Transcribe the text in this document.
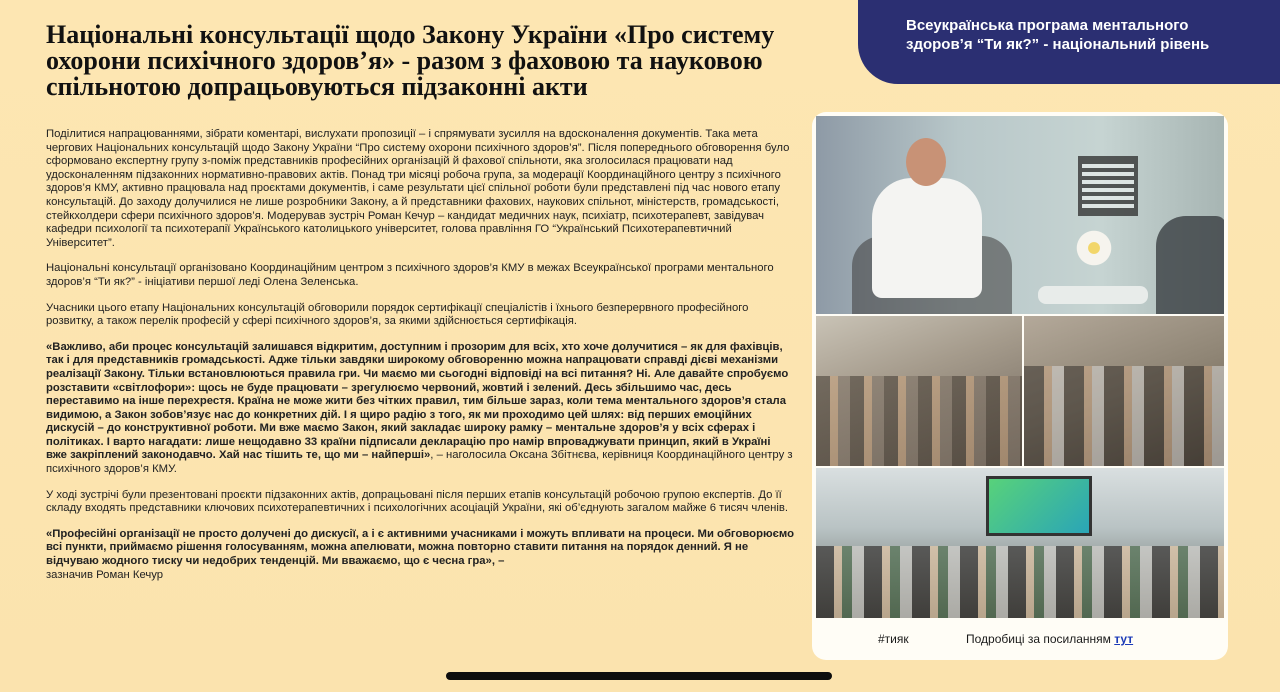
Національні консультації щодо Закону України «Про систему охорони психічного здоров’я» - разом з фаховою та науковою спільнотою допрацьовуються підзаконні акти
Всеукраїнська програма ментального здоров’я “Ти як?” - національний рівень

Поділитися напрацюваннями, зібрати коментарі, вислухати пропозиції – і спрямувати зусилля на вдосконалення документів. Така мета чергових Національних консультацій щодо Закону України “Про систему охорони психічного здоров’я”. Після попереднього обговорення було сформовано експертну групу з-поміж представників професійних організацій й фахової спільноти, яка зголосилася працювати над удосконаленням підзаконних нормативно-правових актів. Понад три місяці робоча група, за модерації Координаційного центру з психічного здоров’я КМУ, активно працювала над проєктами документів, і саме результати цієї спільної роботи були представлені під час нового етапу консультацій. До заходу долучилися не лише розробники Закону, а й представники фахових, наукових спільнот, міністерств, громадськості, стейкхолдери сфери психічного здоров’я. Модерував зустріч Роман Кечур – кандидат медичних наук, психіатр, психотерапевт, завідувач кафедри психології та психотерапії Українського католицького університет, голова правління ГО “Український Психотерапевтичний Університет”.

Національні консультації організовано Координаційним центром з психічного здоров’я КМУ в межах Всеукраїнської програми ментального здоров’я “Ти як?” - ініціативи першої леді Олена Зеленська.

Учасники цього етапу Національних консультацій обговорили порядок сертифікації спеціалістів і їхнього безперервного професійного розвитку, а також перелік професій у сфері психічного здоров’я, за якими здійснюється сертифікація.

«Важливо, аби процес консультацій залишався відкритим, доступним і прозорим для всіх, хто хоче долучитися – як для фахівців, так і для представників громадськості. Адже тільки завдяки широкому обговоренню можна напрацювати справді дієві механізми реалізації Закону. Тільки встановлюються правила гри. Чи маємо ми сьогодні відповіді на всі питання? Ні. Але давайте спробуємо розставити «світлофори»: щось не буде працювати – зрегулюємо червоний, жовтий і зелений. Десь збільшимо час, десь переставимо на інше перехрестя. Країна не може жити без чітких правил, тим більше зараз, коли тема ментального здоров’я стала видимою, а Закон зобов’язує нас до конкретних дій. І я щиро радію з того, як ми проходимо цей шлях: від перших емоційних дискусій – до конструктивної роботи. Ми вже маємо Закон, який закладає широку рамку – ментальне здоров’я у всіх сферах і політиках. І варто нагадати: лише нещодавно 33 країни підписали декларацію про намір впроваджувати принцип, який в Україні вже закріплений законодавчо. Хай нас тішить те, що ми – найперші», – наголосила Оксана Збітнєва, керівниця Координаційного центру з психічного здоров’я КМУ.

У ході зустрічі були презентовані проєкти підзаконних актів, допрацьовані після перших етапів консультацій робочою групою експертів. До її складу входять представники ключових психотерапевтичних і психологічних асоціацій України, які об’єднують загалом майже 6 тисяч членів.

«Професійні організації не просто долучені до дискусії, а і є активними учасниками і можуть впливати на процеси. Ми обговорюємо всі пункти, приймаємо рішення голосуванням, можна апелювати, можна повторно ставити питання на порядок денний. Я не відчуваю жодного тиску чи недобрих тенденцій. Ми вважаємо, що є чесна гра», –

зазначив Роман Кечур

#тияк	Подробиці за посиланням тут
